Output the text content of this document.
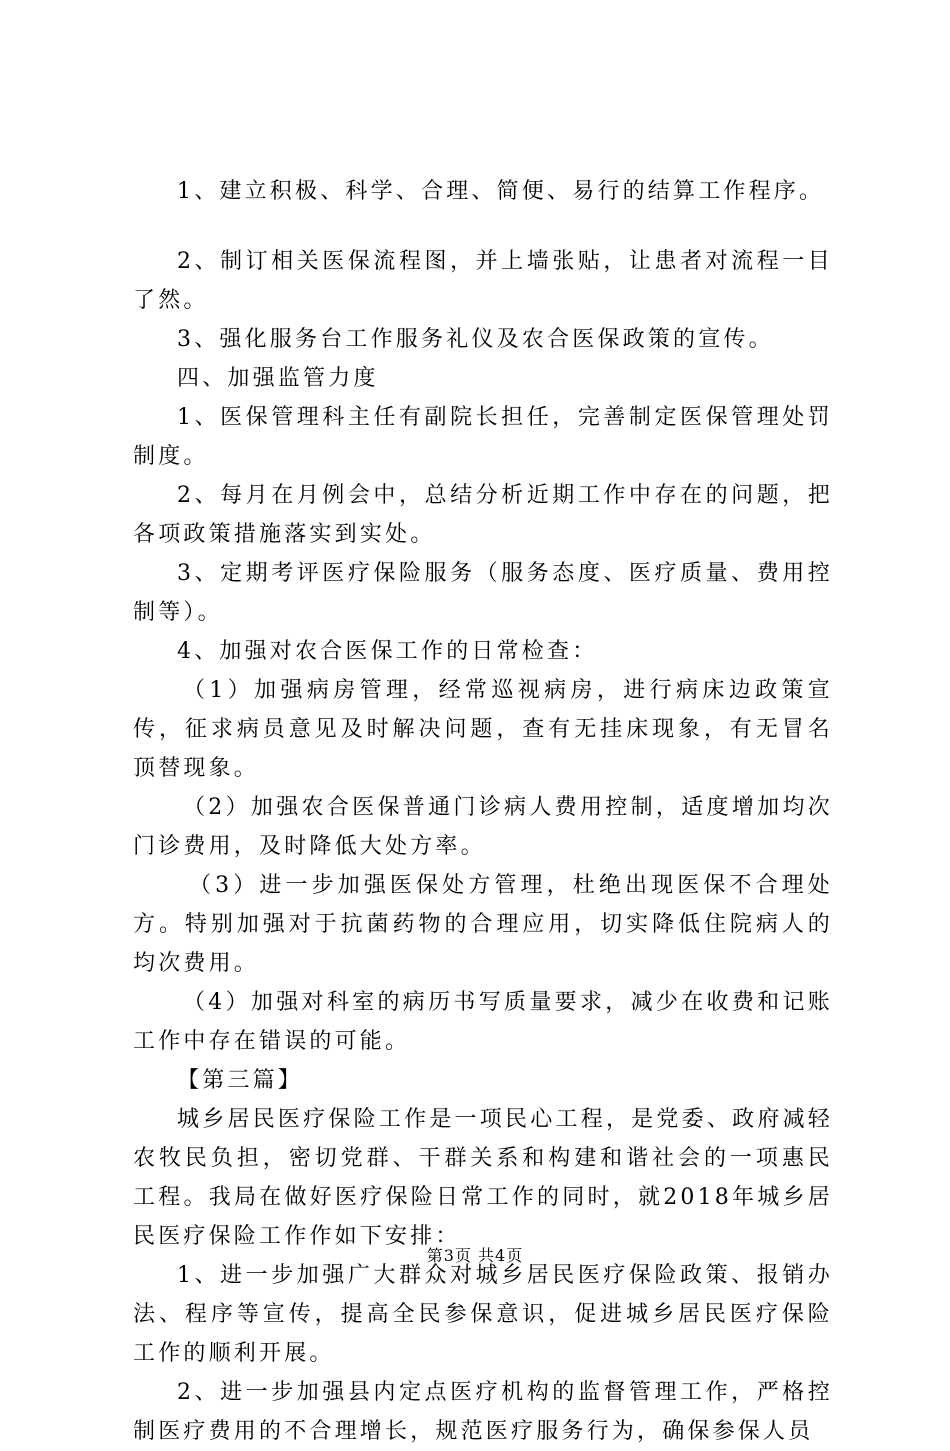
1、建立积极、科学、合理、简便、易行的结算工作程序。

2、制订相关医保流程图，并上墙张贴，让患者对流程一目了然。

3、强化服务台工作服务礼仪及农合医保政策的宣传。

四、加强监管力度

1、医保管理科主任有副院长担任，完善制定医保管理处罚制度。

2、每月在月例会中，总结分析近期工作中存在的问题，把各项政策措施落实到实处。

3、定期考评医疗保险服务（服务态度、医疗质量、费用控制等）。

4、加强对农合医保工作的日常检查：

（1）加强病房管理，经常巡视病房，进行病床边政策宣传，征求病员意见及时解决问题，查有无挂床现象，有无冒名顶替现象。

（2）加强农合医保普通门诊病人费用控制，适度增加均次门诊费用，及时降低大处方率。

（3）进一步加强医保处方管理，杜绝出现医保不合理处方。特别加强对于抗菌药物的合理应用，切实降低住院病人的均次费用。

（4）加强对科室的病历书写质量要求，减少在收费和记账工作中存在错误的可能。

【第三篇】

城乡居民医疗保险工作是一项民心工程，是党委、政府减轻农牧民负担，密切党群、干群关系和构建和谐社会的一项惠民工程。我局在做好医疗保险日常工作的同时，就2018年城乡居民医疗保险工作作如下安排：

1、进一步加强广大群众对城乡居民医疗保险政策、报销办法、程序等宣传，提高全民参保意识，促进城乡居民医疗保险工作的顺利开展。

2、进一步加强县内定点医疗机构的监督管理工作，严格控制医疗费用的不合理增长，规范医疗服务行为，确保参保人员

第3页 共4页
